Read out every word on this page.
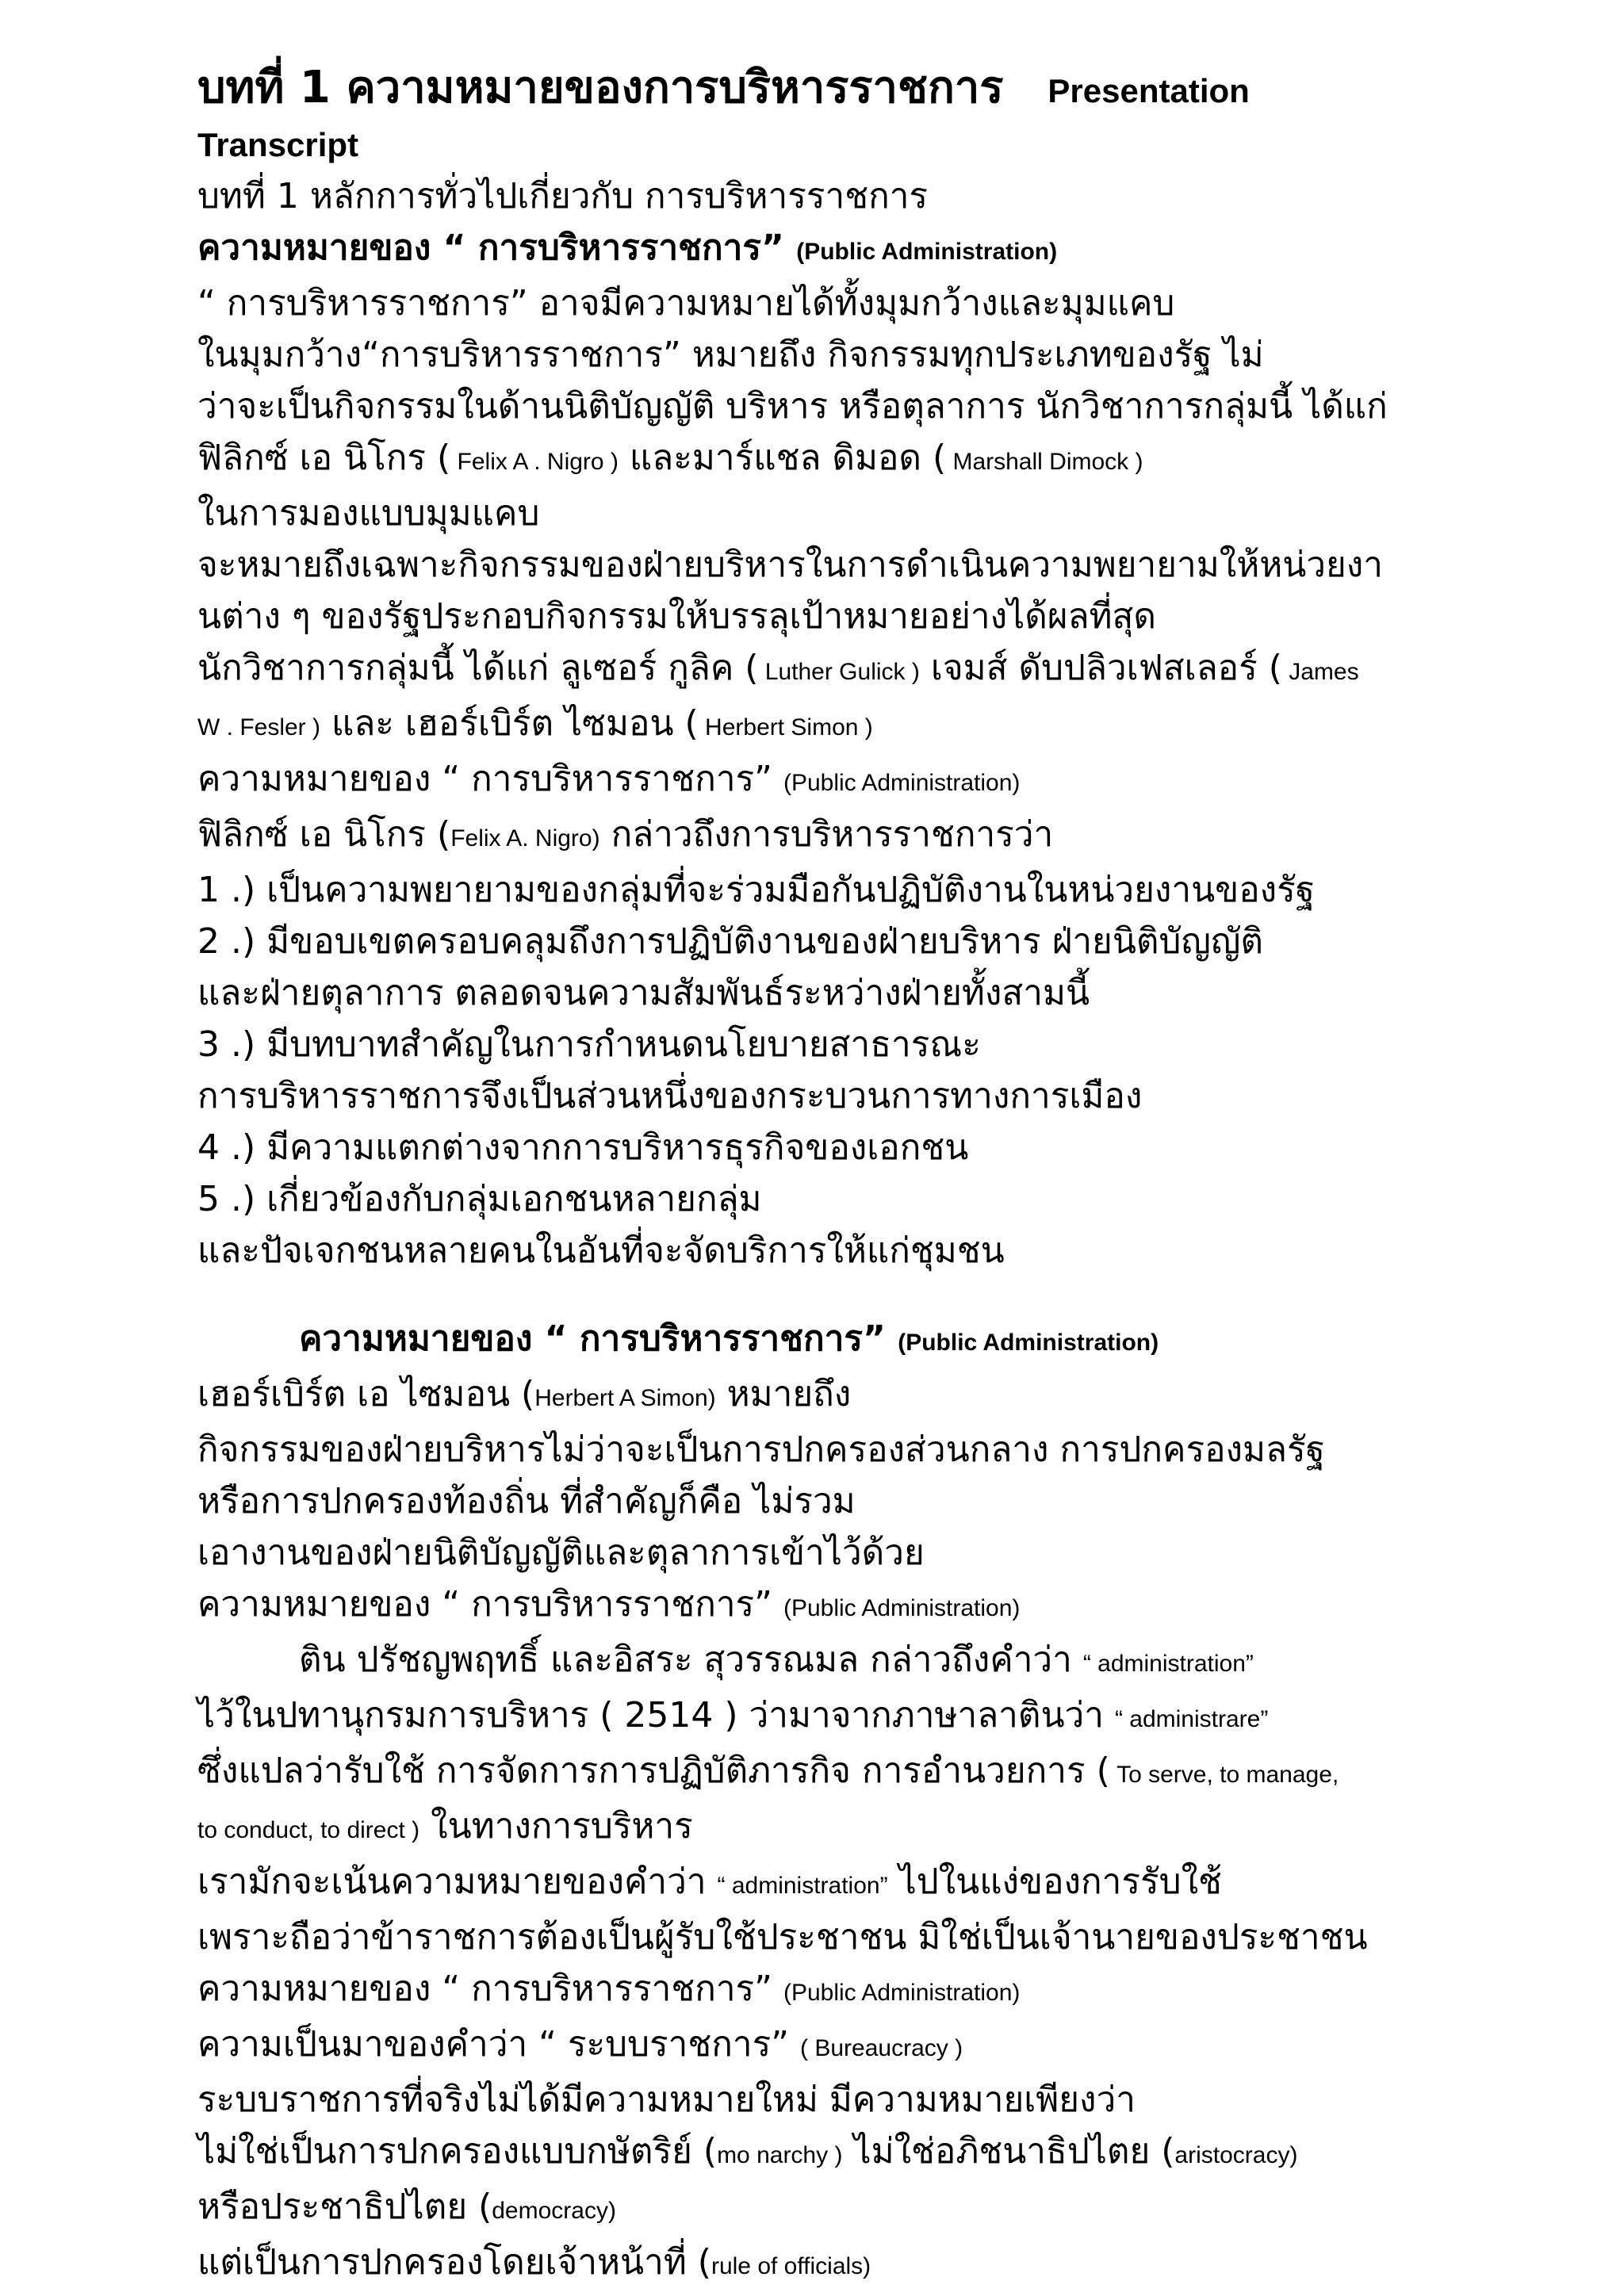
บทที่ 1 ความหมายของการบริหารราชการ Presentation
Transcript
บทที่ 1 หลักการทั่วไปเกี่ยวกับ การบริหารราชการ
ความหมายของ “ การบริหารราชการ” (Public Administration)
“ การบริหารราชการ” อาจมีความหมายได้ทั้งมุมกว้างและมุมแคบ
ในมุมกว้าง“การบริหารราชการ” หมายถึง กิจกรรมทุกประเภทของรัฐ ไม่
ว่าจะเป็นกิจกรรมในด้านนิติบัญญัติ บริหาร หรือตุลาการ นักวิชาการกลุ่มนี้ ได้แก่
ฟิลิกซ์ เอ นิโกร ( Felix A . Nigro ) และมาร์แชล ดิมอด ( Marshall Dimock )
ในการมองแบบมุมแคบ
จะหมายถึงเฉพาะกิจกรรมของฝ่ายบริหารในการดำเนินความพยายามให้หน่วยงา
นต่าง ๆ ของรัฐประกอบกิจกรรมให้บรรลุเป้าหมายอย่างได้ผลที่สุด
นักวิชาการกลุ่มนี้ ได้แก่ ลูเซอร์ กูลิค ( Luther Gulick ) เจมส์ ดับปลิวเฟสเลอร์ ( James
W . Fesler ) และ เฮอร์เบิร์ต ไซมอน ( Herbert Simon )
ความหมายของ “ การบริหารราชการ” (Public Administration)
ฟิลิกซ์ เอ นิโกร (Felix A. Nigro) กล่าวถึงการบริหารราชการว่า
1 .) เป็นความพยายามของกลุ่มที่จะร่วมมือกันปฏิบัติงานในหน่วยงานของรัฐ
2 .) มีขอบเขตครอบคลุมถึงการปฏิบัติงานของฝ่ายบริหาร ฝ่ายนิติบัญญัติ
และฝ่ายตุลาการ ตลอดจนความสัมพันธ์ระหว่างฝ่ายทั้งสามนี้
3 .) มีบทบาทสำคัญในการกำหนดนโยบายสาธารณะ
การบริหารราชการจึงเป็นส่วนหนึ่งของกระบวนการทางการเมือง
4 .) มีความแตกต่างจากการบริหารธุรกิจของเอกชน
5 .) เกี่ยวข้องกับกลุ่มเอกชนหลายกลุ่ม
และปัจเจกชนหลายคนในอันที่จะจัดบริการให้แก่ชุมชน
ความหมายของ “ การบริหารราชการ” (Public Administration)
เฮอร์เบิร์ต เอ ไซมอน (Herbert A Simon) หมายถึง
กิจกรรมของฝ่ายบริหารไม่ว่าจะเป็นการปกครองส่วนกลาง การปกครองมลรัฐ
หรือการปกครองท้องถิ่น ที่สำคัญก็คือ ไม่รวม
เอางานของฝ่ายนิติบัญญัติและตุลาการเข้าไว้ด้วย
ความหมายของ “ การบริหารราชการ” (Public Administration)
ติน ปรัชญพฤทธิ์ และอิสระ สุวรรณมล กล่าวถึงคำว่า “ administration”
ไว้ในปทานุกรมการบริหาร ( 2514 ) ว่ามาจากภาษาลาตินว่า “ administrare”
ซึ่งแปลว่ารับใช้ การจัดการการปฏิบัติภารกิจ การอำนวยการ ( To serve, to manage,
to conduct, to direct ) ในทางการบริหาร
เรามักจะเน้นความหมายของคำว่า “ administration” ไปในแง่ของการรับใช้
เพราะถือว่าข้าราชการต้องเป็นผู้รับใช้ประชาชน มิใช่เป็นเจ้านายของประชาชน
ความหมายของ “ การบริหารราชการ” (Public Administration)
ความเป็นมาของคำว่า “ ระบบราชการ” ( Bureaucracy )
ระบบราชการที่จริงไม่ได้มีความหมายใหม่ มีความหมายเพียงว่า
ไม่ใช่เป็นการปกครองแบบกษัตริย์ (mo narchy ) ไม่ใช่อภิชนาธิปไตย (aristocracy)
หรือประชาธิปไตย (democracy)
แต่เป็นการปกครองโดยเจ้าหน้าที่ (rule of officials)
